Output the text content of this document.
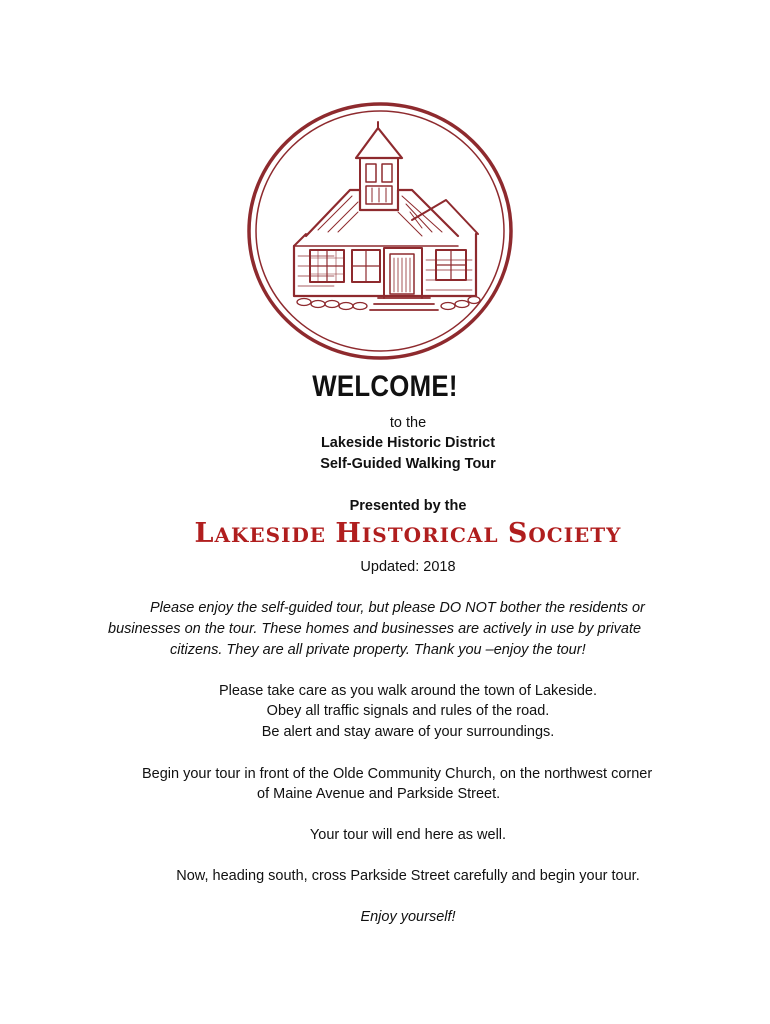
WELCOME!
to the
Lakeside Historic District
Self-Guided Walking Tour
Presented by the
LAKESIDE HISTORICAL SOCIETY
Updated: 2018
Please enjoy the self-guided tour, but please DO NOT bother the residents or
businesses on the tour. These homes and businesses are actively in use by private
citizens. They are all private property. Thank you –enjoy the tour!
Please take care as you walk around the town of Lakeside.
Obey all traffic signals and rules of the road.
Be alert and stay aware of your surroundings.
Begin your tour in front of the Olde Community Church, on the northwest corner
of Maine Avenue and Parkside Street.
Your tour will end here as well.
Now, heading south, cross Parkside Street carefully and begin your tour.
Enjoy yourself!
